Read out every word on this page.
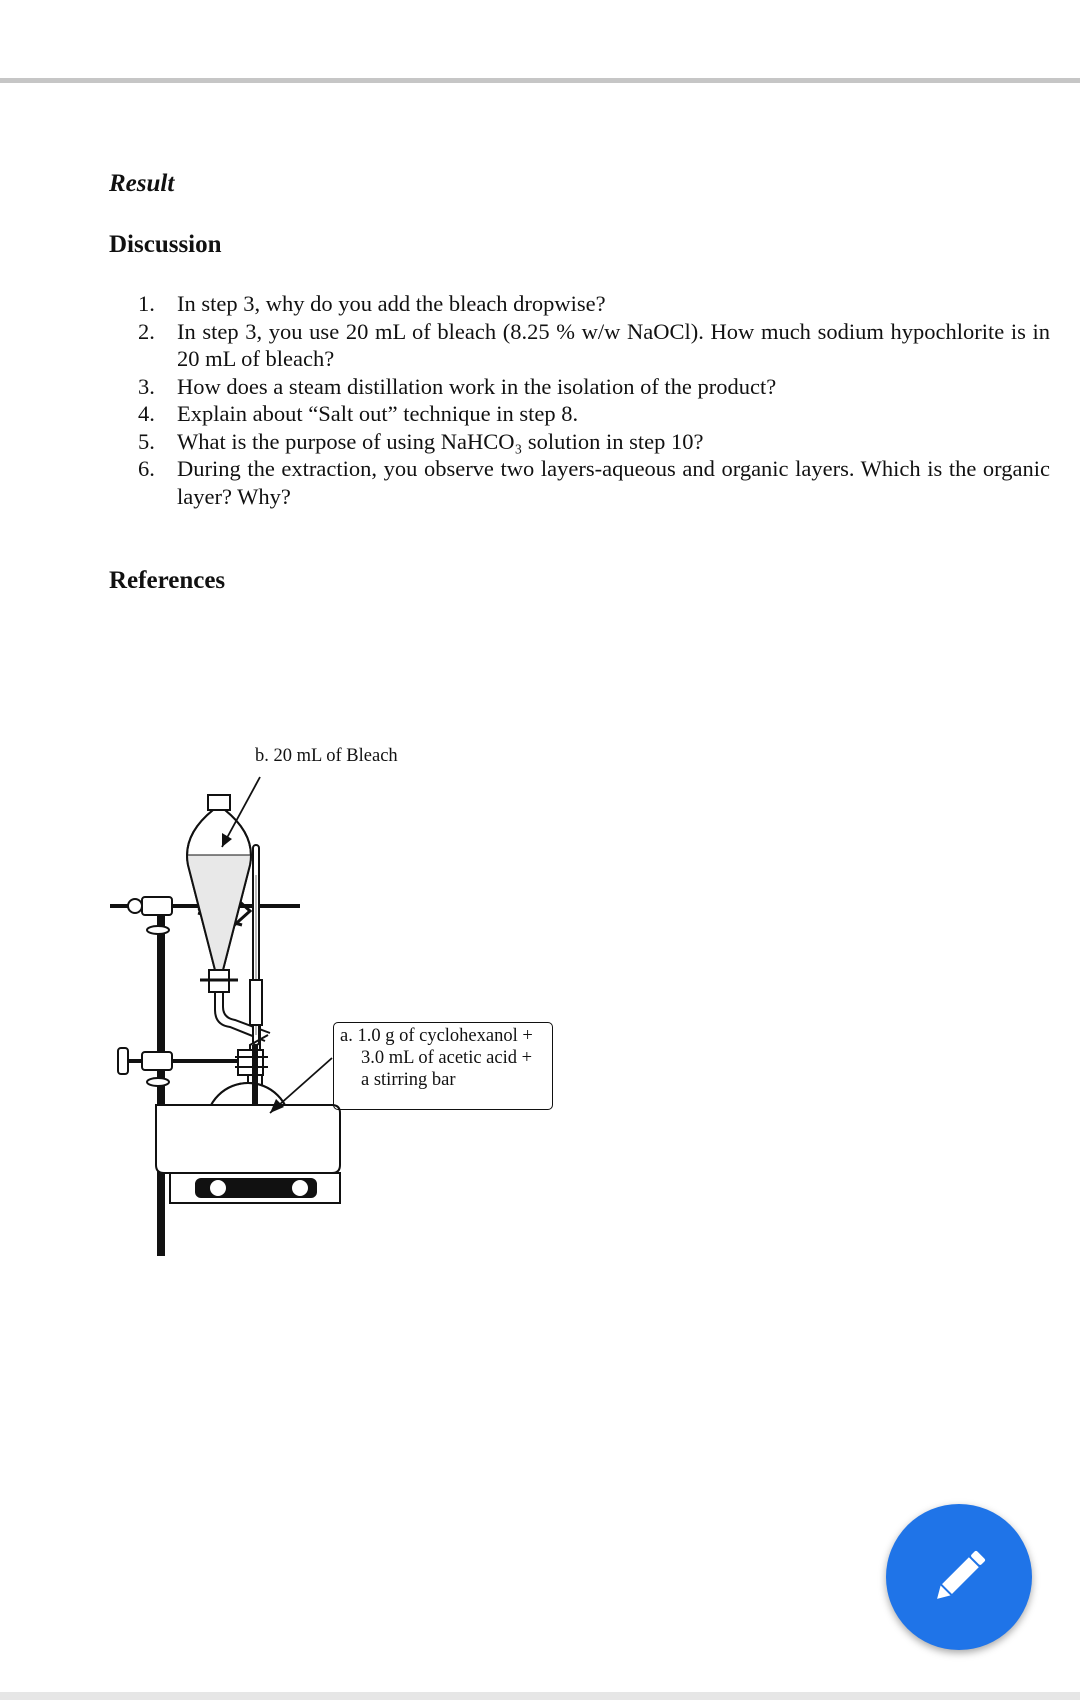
Result
Discussion
1. In step 3, why do you add the bleach dropwise?
2. In step 3, you use 20 mL of bleach (8.25 % w/w NaOCl). How much sodium hypochlorite is in 20 mL of bleach?
3. How does a steam distillation work in the isolation of the product?
4. Explain about “Salt out” technique in step 8.
5. What is the purpose of using NaHCO₃ solution in step 10?
6. During the extraction, you observe two layers-aqueous and organic layers. Which is the organic layer? Why?
References
b. 20 mL of Bleach
a. 1.0 g of cyclohexanol +
3.0 mL of acetic acid +
a stirring bar
